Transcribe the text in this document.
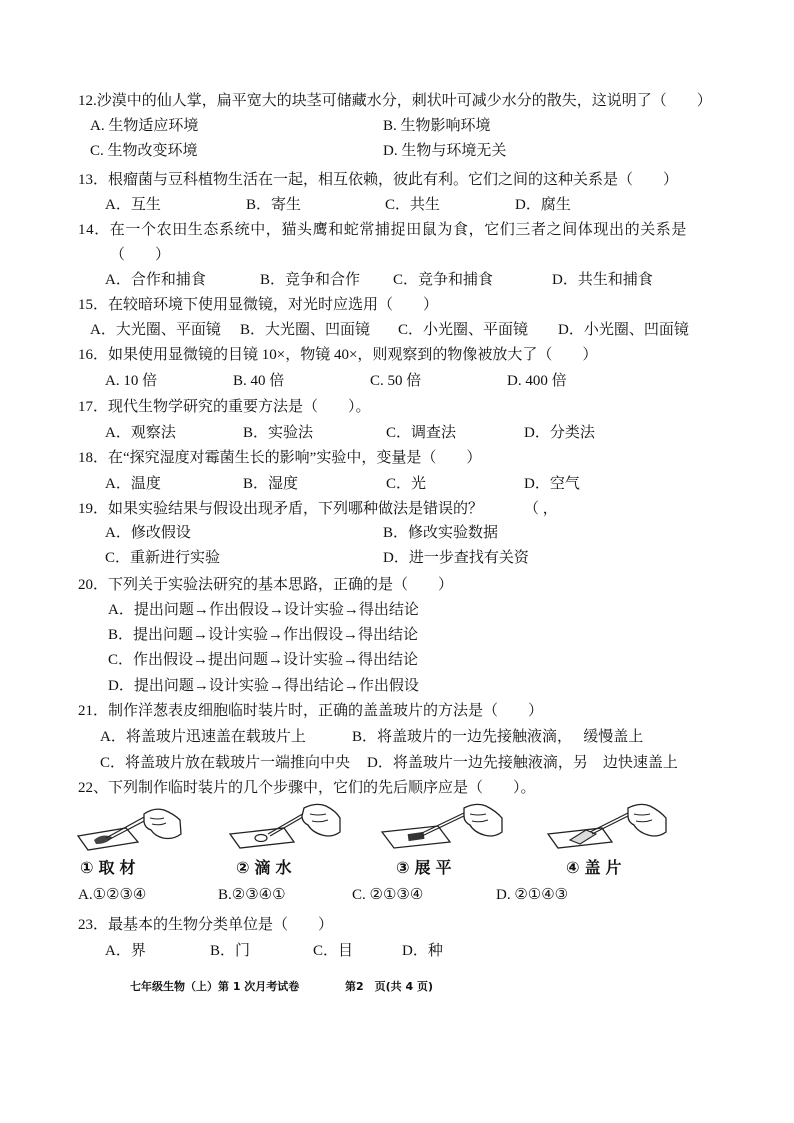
12.沙漠中的仙人掌，扁平宽大的块茎可储藏水分，刺状叶可减少水分的散失，这说明了（　　）
A. 生物适应环境	B. 生物影响环境
C. 生物改变环境	D. 生物与环境无关
13．根瘤菌与豆科植物生活在一起，相互依赖，彼此有利。它们之间的这种关系是（　　）
A．互生	B．寄生	C．共生	D．腐生
14．在一个农田生态系统中，猫头鹰和蛇常捕捉田鼠为食，它们三者之间体现出的关系是
（　　）
A．合作和捕食	B．竞争和合作 C．竞争和捕食	D．共生和捕食
15．在较暗环境下使用显微镜，对光时应选用（　　）
A．大光圈、平面镜 B．大光圈、凹面镜 C．小光圈、平面镜 D．小光圈、凹面镜
16．如果使用显微镜的目镜 10×，物镜 40×，则观察到的物像被放大了（　　）
A. 10 倍	B. 40 倍	C. 50 倍	D. 400 倍
17．现代生物学研究的重要方法是（　　）。
A．观察法	B．实验法	C．调查法	D．分类法
18．在“探究湿度对霉菌生长的影响”实验中，变量是（　　）
A．温度	B．湿度	C．光	D．空气
19．如果实验结果与假设出现矛盾，下列哪种做法是错误的？	（ ，
A．修改假设	B．修改实验数据
C．重新进行实验	D．进一步查找有关资
20．下列关于实验法研究的基本思路，正确的是（　　）
A．提出问题→作出假设→设计实验→得出结论
B．提出问题→设计实验→作出假设→得出结论
C．作出假设→提出问题→设计实验→得出结论
D．提出问题→设计实验→得出结论→作出假设
21．制作洋葱表皮细胞临时装片时，正确的盖盖玻片的方法是（　　）
A．将盖玻片迅速盖在载玻片上	B．将盖玻片的一边先接触液滴，　 缓慢盖上
C．将盖玻片放在载玻片一端推向中央 D．将盖玻片一边先接触液滴，另　边快速盖上
22、下列制作临时装片的几个步骤中，它们的先后顺序应是（　　）。
①取材	②滴水	③展平	④盖片
A.①②③④	B.②③④①	C. ②①③④	D. ②①④③
23．最基本的生物分类单位是（　　）
A．界	B．门	C．目	D．种
七年级生物（上）第 1 次月考试卷	第2　页(共 4 页)
